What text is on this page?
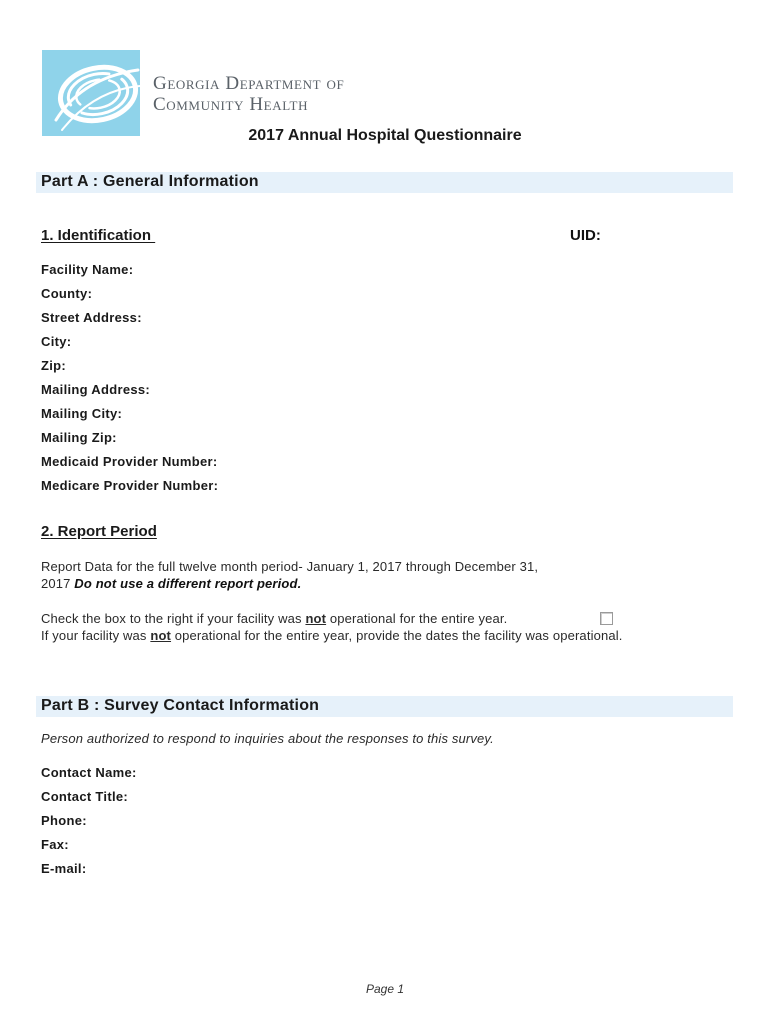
Georgia Department of
Community Health
2017 Annual Hospital Questionnaire
Part A : General Information
1. Identification	UID:
Facility Name:
County:
Street Address:
City:
Zip:
Mailing Address:
Mailing City:
Mailing Zip:
Medicaid Provider Number:
Medicare Provider Number:
2. Report Period
Report Data for the full twelve month period- January 1, 2017 through December 31,
2017 Do not use a different report period.
Check the box to the right if your facility was not operational for the entire year.
If your facility was not operational for the entire year, provide the dates the facility was operational.
Part B : Survey Contact Information
Person authorized to respond to inquiries about the responses to this survey.
Contact Name:
Contact Title:
Phone:
Fax:
E-mail:
Page 1
